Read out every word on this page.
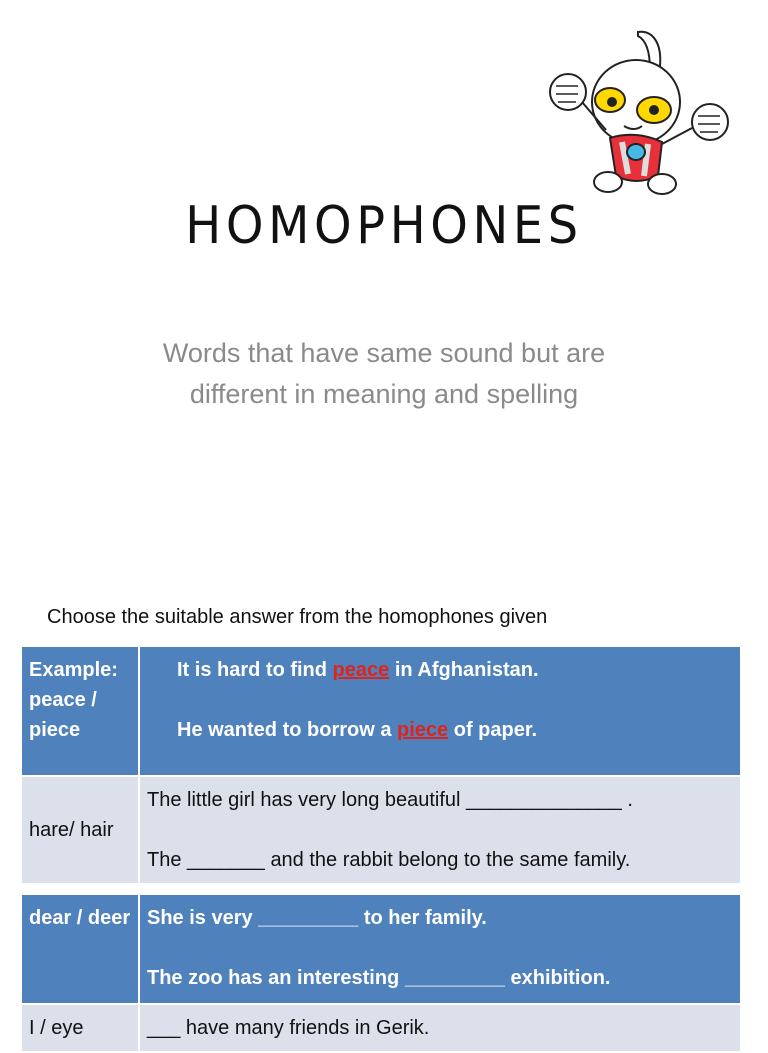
HOMOPHONES
Words that have same sound but are
different in meaning and spelling
Choose the suitable answer from the homophones given
Example: peace / piece	It is hard to find peace in Afghanistan.
He wanted to borrow a piece of paper.

hare/ hair	The little girl has very long beautiful ______________ .
The _______ and the rabbit belong to the same family.

dear / deer	She is very _________ to her family.
The zoo has an interesting _________ exhibition.

I / eye	___ have many friends in Gerik.
